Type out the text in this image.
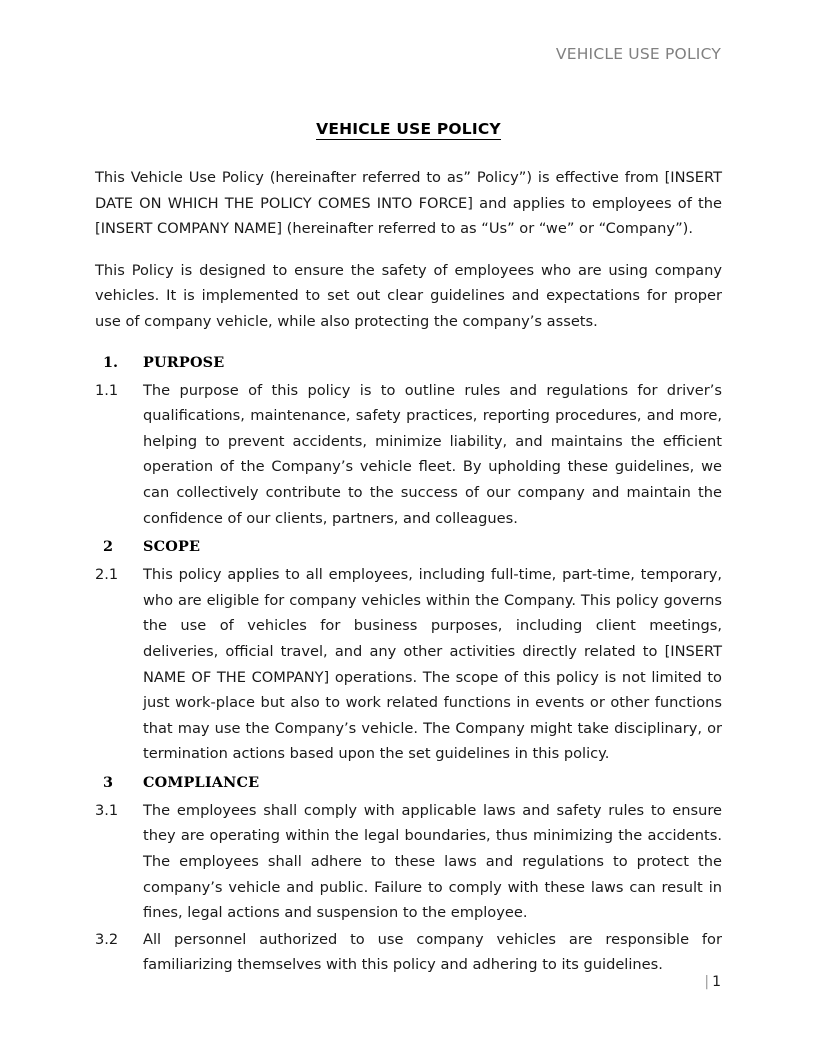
VEHICLE USE POLICY
VEHICLE USE POLICY

This Vehicle Use Policy (hereinafter referred to as” Policy”) is effective from [INSERT DATE ON WHICH THE POLICY COMES INTO FORCE] and applies to employees of the [INSERT COMPANY NAME] (hereinafter referred to as “Us” or “we” or “Company”).

This Policy is designed to ensure the safety of employees who are using company vehicles. It is implemented to set out clear guidelines and expectations for proper use of company vehicle, while also protecting the company’s assets.

1.	PURPOSE
1.1	The purpose of this policy is to outline rules and regulations for driver’s qualifications, maintenance, safety practices, reporting procedures, and more, helping to prevent accidents, minimize liability, and maintains the efficient operation of the Company’s vehicle fleet. By upholding these guidelines, we can collectively contribute to the success of our company and maintain the confidence of our clients, partners, and colleagues.
2	SCOPE
2.1	This policy applies to all employees, including full-time, part-time, temporary, who are eligible for company vehicles within the Company. This policy governs the use of vehicles for business purposes, including client meetings, deliveries, official travel, and any other activities directly related to [INSERT NAME OF THE COMPANY] operations. The scope of this policy is not limited to just work-place but also to work related functions in events or other functions that may use the Company’s vehicle. The Company might take disciplinary, or termination actions based upon the set guidelines in this policy.
3	COMPLIANCE
3.1	The employees shall comply with applicable laws and safety rules to ensure they are operating within the legal boundaries, thus minimizing the accidents. The employees shall adhere to these laws and regulations to protect the company’s vehicle and public. Failure to comply with these laws can result in fines, legal actions and suspension to the employee.
3.2	All personnel authorized to use company vehicles are responsible for familiarizing themselves with this policy and adhering to its guidelines.
| 1
